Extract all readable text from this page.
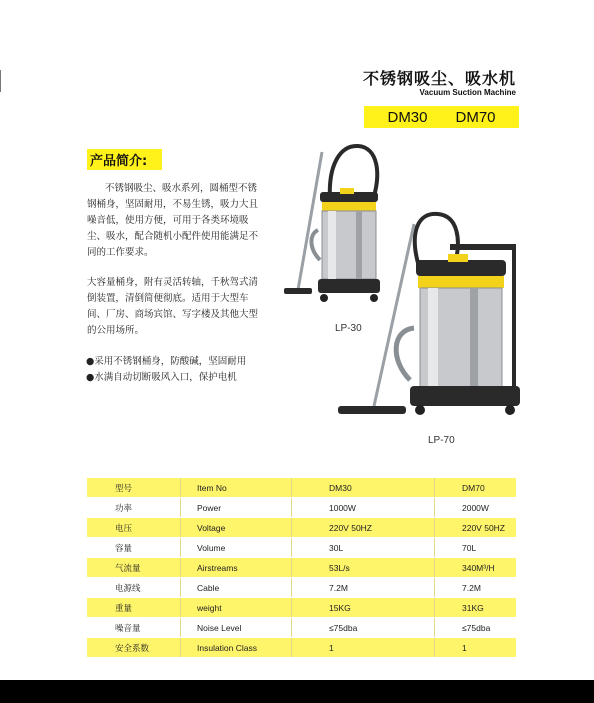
不锈钢吸尘、吸水机
Vacuum Suction Machine
DM30 DM70
产品简介:

不锈钢吸尘、吸水系列，圆桶型不锈钢桶身，坚固耐用，不易生锈，吸力大且噪音低，使用方便，可用于各类环境吸尘、吸水，配合随机小配件使用能满足不同的工作要求。

大容量桶身，附有灵活转轴，千秋驾式清倒装置，清倒简便彻底。适用于大型车间、厂房、商场宾馆、写字楼及其他大型的公用场所。

●采用不锈钢桶身，防酸碱，坚固耐用
●水满自动切断吸风入口，保护电机
LP-30
LP-70
型号	Item No	DM30	DM70
功率	Power	1000W	2000W
电压	Voltage	220V 50HZ	220V 50HZ
容量	Volume	30L	70L
气流量	Airstreams	53L/s	340M³/H
电源线	Cable	7.2M	7.2M
重量	weight	15KG	31KG
噪音量	Noise Level	≤75dba	≤75dba
安全系数	Insulation Class	1	1
